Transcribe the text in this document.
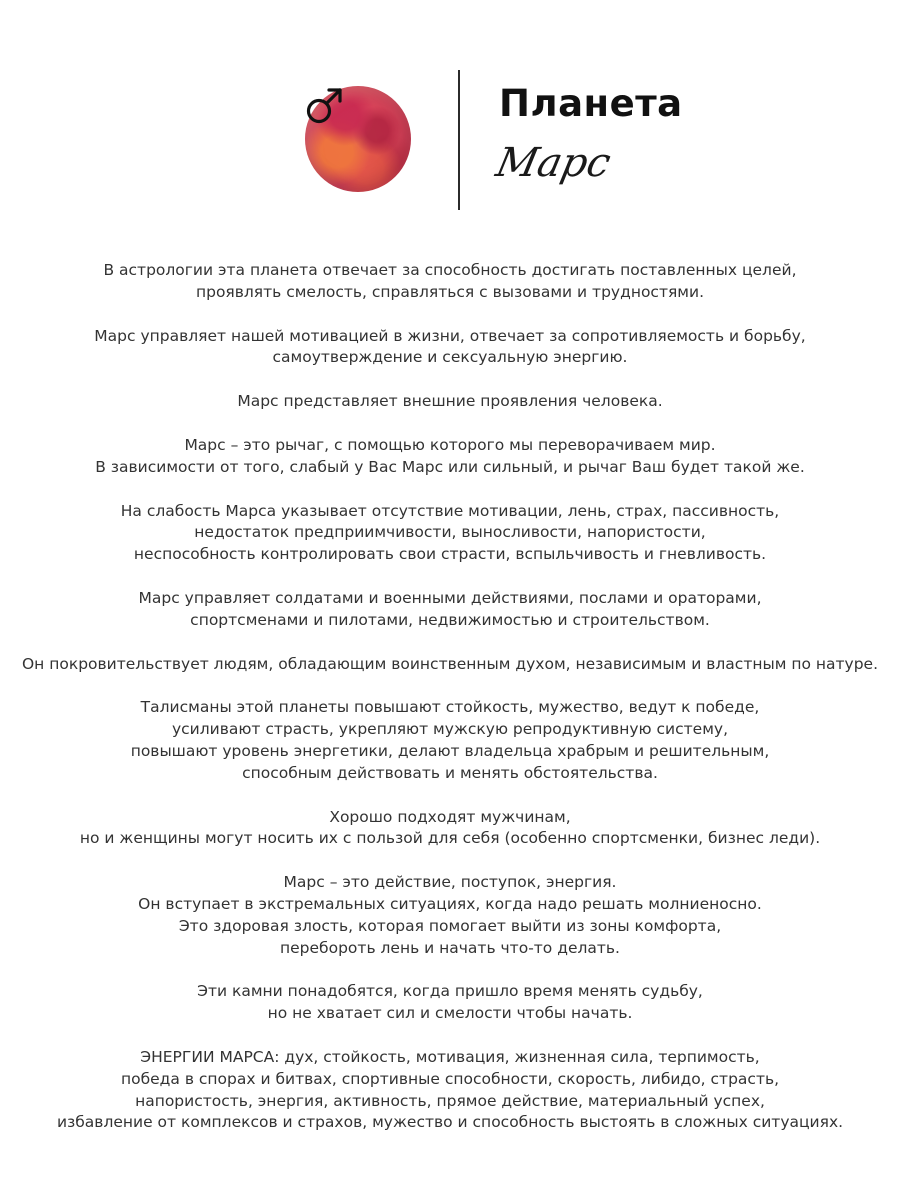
Планета
Марс

В астрологии эта планета отвечает за способность достигать поставленных целей,
проявлять смелость, справляться с вызовами и трудностями.

Марс управляет нашей мотивацией в жизни, отвечает за сопротивляемость и борьбу,
самоутверждение и сексуальную энергию.

Марс представляет внешние проявления человека.

Марс – это рычаг, с помощью которого мы переворачиваем мир.
В зависимости от того, слабый у Вас Марс или сильный, и рычаг Ваш будет такой же.

На слабость Марса указывает отсутствие мотивации, лень, страх, пассивность,
недостаток предприимчивости, выносливости, напористости,
неспособность контролировать свои страсти, вспыльчивость и гневливость.

Марс управляет солдатами и военными действиями, послами и ораторами,
спортсменами и пилотами, недвижимостью и строительством.

Он покровительствует людям, обладающим воинственным духом, независимым и властным по натуре.

Талисманы этой планеты повышают стойкость, мужество, ведут к победе,
усиливают страсть, укрепляют мужскую репродуктивную систему,
повышают уровень энергетики, делают владельца храбрым и решительным,
способным действовать и менять обстоятельства.

Хорошо подходят мужчинам,
но и женщины могут носить их с пользой для себя (особенно спортсменки, бизнес леди).

Марс – это действие, поступок, энергия.
Он вступает в экстремальных ситуациях, когда надо решать молниеносно.
Это здоровая злость, которая помогает выйти из зоны комфорта,
перебороть лень и начать что-то делать.

Эти камни понадобятся, когда пришло время менять судьбу,
но не хватает сил и смелости чтобы начать.

ЭНЕРГИИ МАРСА: дух, стойкость, мотивация, жизненная сила, терпимость,
победа в спорах и битвах, спортивные способности, скорость, либидо, страсть,
напористость, энергия, активность, прямое действие, материальный успех,
избавление от комплексов и страхов, мужество и способность выстоять в сложных ситуациях.
